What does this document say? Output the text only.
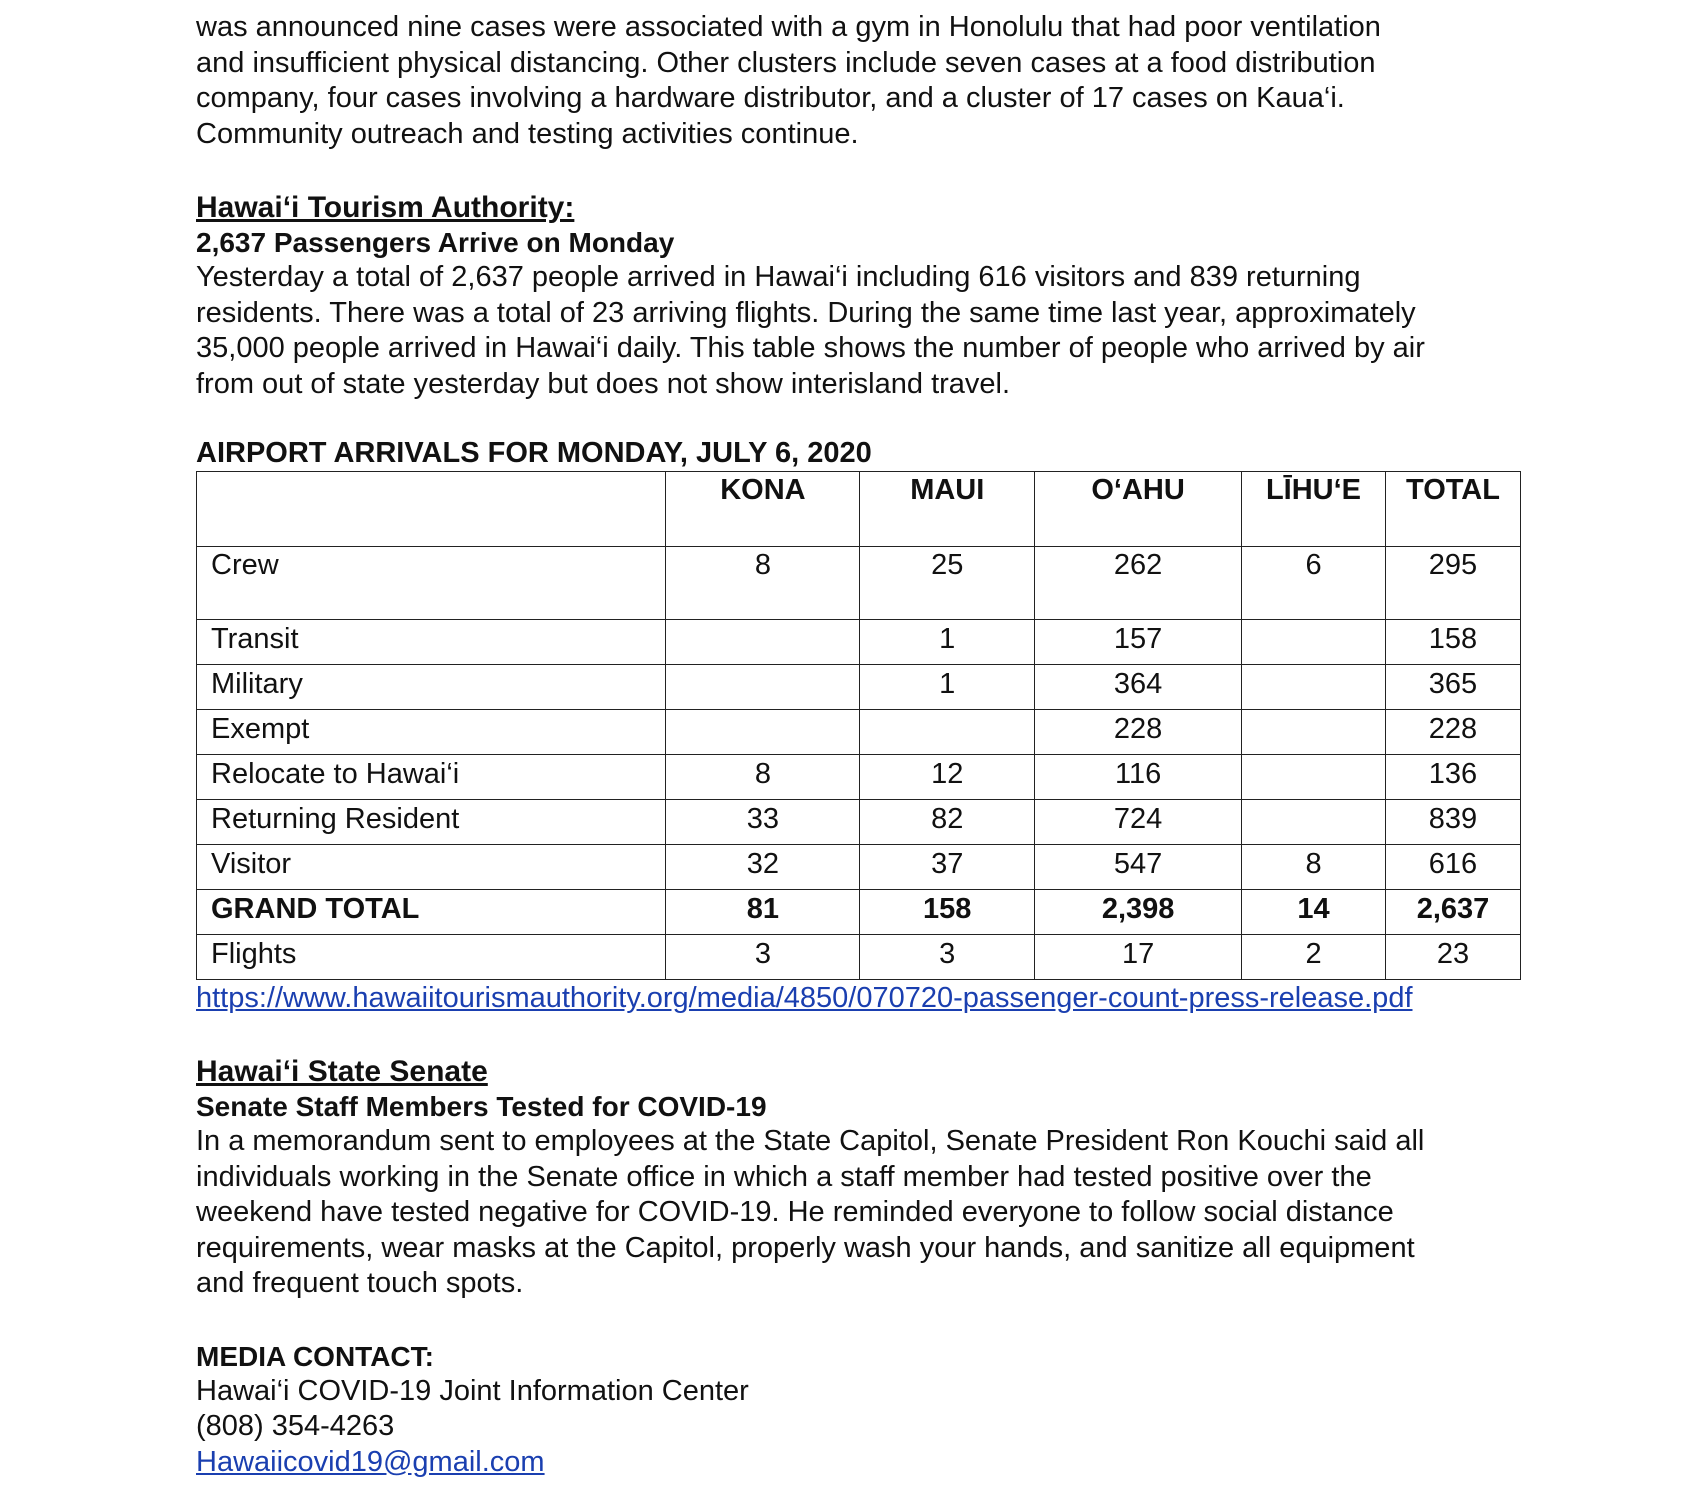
was announced nine cases were associated with a gym in Honolulu that had poor ventilation

and insufficient physical distancing. Other clusters include seven cases at a food distribution

company, four cases involving a hardware distributor, and a cluster of 17 cases on Kaua‘i.

Community outreach and testing activities continue.

Hawai‘i Tourism Authority:

2,637 Passengers Arrive on Monday

Yesterday a total of 2,637 people arrived in Hawai‘i including 616 visitors and 839 returning

residents. There was a total of 23 arriving flights. During the same time last year, approximately

35,000 people arrived in Hawai‘i daily. This table shows the number of people who arrived by air

from out of state yesterday but does not show interisland travel.

AIRPORT ARRIVALS FOR MONDAY, JULY 6, 2020

	KONA	MAUI	O‘AHU	LĪHU‘E	TOTAL
Crew	8	25	262	6	295
Transit		1	157		158
Military		1	364		365
Exempt			228		228
Relocate to Hawai‘i	8	12	116		136
Returning Resident	33	82	724		839
Visitor	32	37	547	8	616
GRAND TOTAL	81	158	2,398	14	2,637
Flights	3	3	17	2	23

https://www.hawaiitourismauthority.org/media/4850/070720-passenger-count-press-release.pdf

Hawai‘i State Senate

Senate Staff Members Tested for COVID-19

In a memorandum sent to employees at the State Capitol, Senate President Ron Kouchi said all

individuals working in the Senate office in which a staff member had tested positive over the

weekend have tested negative for COVID-19. He reminded everyone to follow social distance

requirements, wear masks at the Capitol, properly wash your hands, and sanitize all equipment

and frequent touch spots.

MEDIA CONTACT:

Hawai‘i COVID-19 Joint Information Center

(808) 354-4263

Hawaiicovid19@gmail.com
